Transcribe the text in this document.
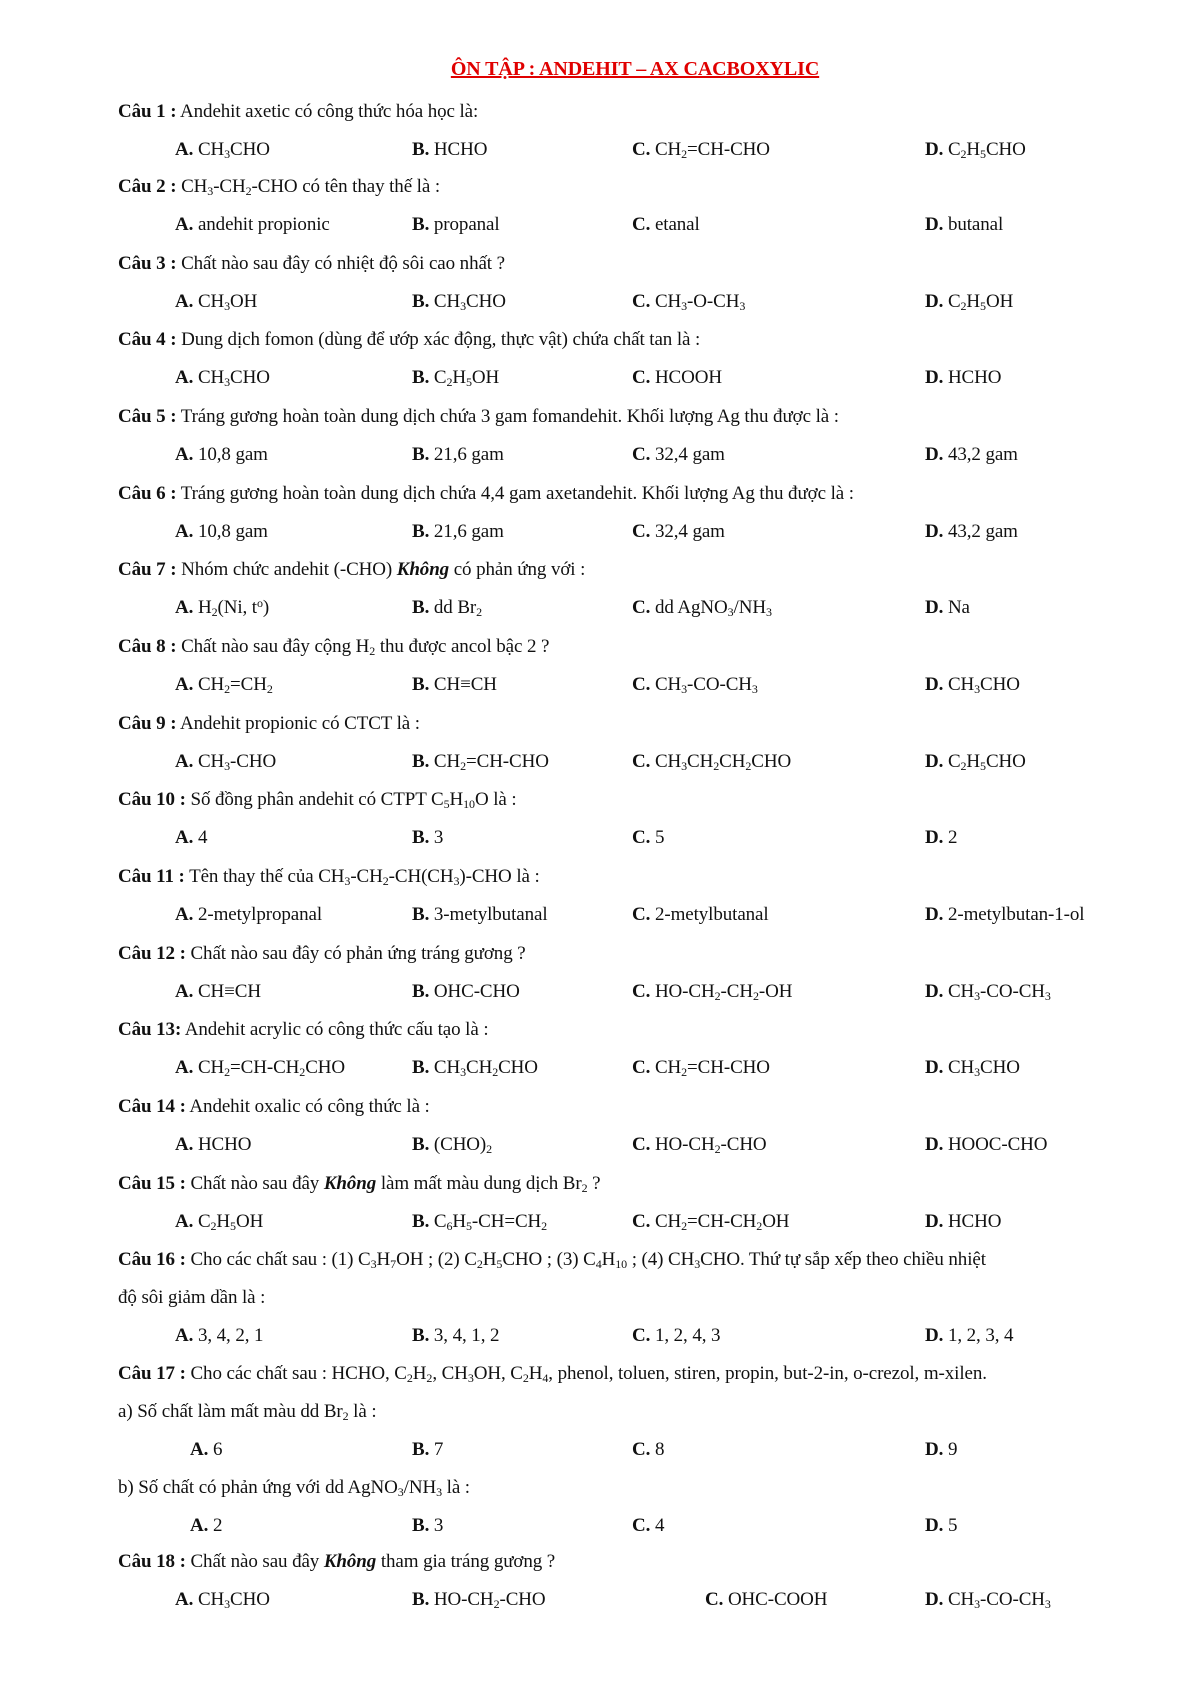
ÔN TẬP : ANDEHIT – AX CACBOXYLIC
Câu 1 : Andehit axetic có công thức hóa học là:
A. $CH_3CHO$	B. HCHO	C. $CH_2=CH$-CHO	D. $C_2H_5CHO$
Câu 2 : $CH_3-CH_2$-CHO có tên thay thế là :
A. andehit propionic	B. propanal	C. etanal	D. butanal
Câu 3 : Chất nào sau đây có nhiệt độ sôi cao nhất ?
A. $CH_3OH$	B. $CH_3CHO$	C. $CH_3-O-CH_3$	D. $C_2H_5OH$
Câu 4 : Dung dịch fomon (dùng để ướp xác động, thực vật) chứa chất tan là :
A. $CH_3CHO$	B. $C_2H_5OH$	C. HCOOH	D. HCHO
Câu 5 : Tráng gương hoàn toàn dung dịch chứa 3 gam fomandehit. Khối lượng Ag thu được là :
A. 10,8 gam	B. 21,6 gam	C. 32,4 gam	D. 43,2 gam
Câu 6 : Tráng gương hoàn toàn dung dịch chứa 4,4 gam axetandehit. Khối lượng Ag thu được là :
A. 10,8 gam	B. 21,6 gam	C. 32,4 gam	D. 43,2 gam
Câu 7 : Nhóm chức andehit (-CHO) Không có phản ứng với :
A. $H_2(Ni$, $t^o$)	B. dd $Br_2$	C. dd $AgNO_3/NH_3$	D. Na
Câu 8 : Chất nào sau đây cộng $H_2$ thu được ancol bậc 2 ?
A. $CH_2=CH_2$	B. CH≡CH	C. $CH_3-CO-CH_3$	D. $CH_3CHO$
Câu 9 : Andehit propionic có CTCT là :
A. $CH_3$-CHO	B. $CH_2=CH$-CHO	C. $CH_3CH_2CH_2CHO$	D. $C_2H_5CHO$
Câu 10 : Số đồng phân andehit có CTPT $C_5H_{10}O$ là :
A. 4	B. 3	C. 5	D. 2
Câu 11 : Tên thay thế của $CH_3-CH_2-CH(CH_3)$-CHO là :
A. 2-metylpropanal	B. 3-metylbutanal	C. 2-metylbutanal	D. 2-metylbutan-1-ol
Câu 12 : Chất nào sau đây có phản ứng tráng gương ?
A. CH≡CH	B. OHC-CHO	C. $HO-CH_2-CH_2-OH$	D. $CH_3-CO-CH_3$
Câu 13: Andehit acrylic có công thức cấu tạo là :
A. $CH_2=CH-CH_2CHO$	B. $CH_3CH_2CHO$	C. $CH_2=CH$-CHO	D. $CH_3CHO$
Câu 14 : Andehit oxalic có công thức là :
A. HCHO	B. $(CHO)_2$	C. $HO-CH_2$-CHO	D. HOOC-CHO
Câu 15 : Chất nào sau đây Không làm mất màu dung dịch $Br_2$ ?
A. $C_2H_5OH$	B. $C_6H_5-CH=CH_2$	C. $CH_2=CH-CH_2OH$	D. HCHO
Câu 16 : Cho các chất sau : (1) $C_3H_7OH$ ; (2) $C_2H_5CHO$ ; (3) $C_4H_{10}$ ; (4) $CH_3CHO$. Thứ tự sắp xếp theo chiều nhiệt
độ sôi giảm dần là :
A. 3, 4, 2, 1	B. 3, 4, 1, 2	C. 1, 2, 4, 3	D. 1, 2, 3, 4
Câu 17 : Cho các chất sau : HCHO, $C_2H_2$, $CH_3OH$, $C_2H_4$, phenol, toluen, stiren, propin, but-2-in, o-crezol, m-xilen.
a) Số chất làm mất màu dd $Br_2$ là :
A. 6	B. 7	C. 8	D. 9
b) Số chất có phản ứng với dd $AgNO_3/NH_3$ là :
A. 2	B. 3	C. 4	D. 5
Câu 18 : Chất nào sau đây Không tham gia tráng gương ?
A. $CH_3CHO$	B. $HO-CH_2$-CHO	C. OHC-COOH	D. $CH_3-CO-CH_3$
